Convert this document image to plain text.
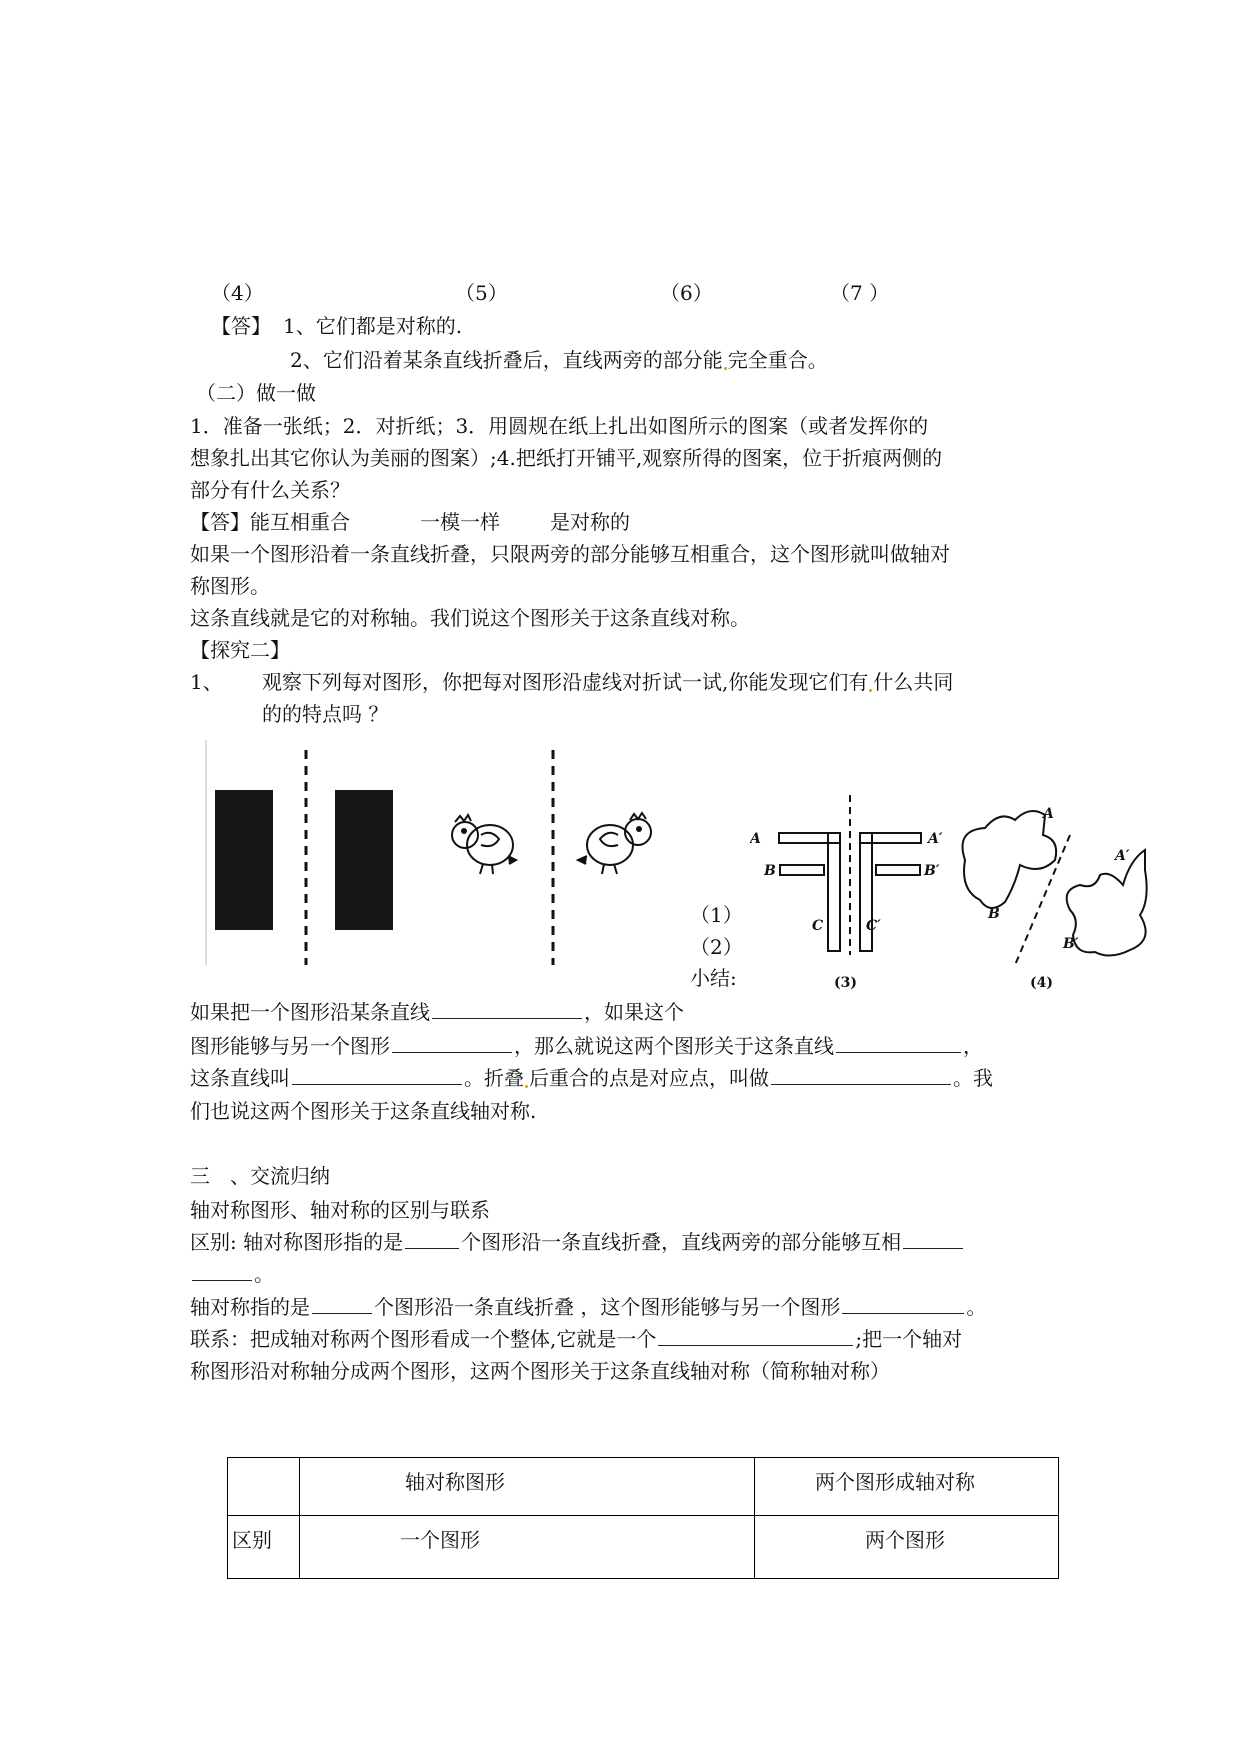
（4）	（5）	（6）	（7 ）
【答】 1、它们都是对称的.
2、它们沿着某条直线折叠后，直线两旁的部分能 完全重合。
（二）做一做
1．准备一张纸；2．对折纸；3．用圆规在纸上扎出如图所示的图案（或者发挥你的
想象扎出其它你认为美丽的图案）;4.把纸打开铺平,观察所得的图案，位于折痕两侧的
部分有什么关系？
【答】能互相重合	一模一样	是对称的
如果一个图形沿着一条直线折叠，只限两旁的部分能够互相重合，这个图形就叫做轴对
称图形。
这条直线就是它的对称轴。我们说这个图形关于这条直线对称。
【探究二】
1、 观察下列每对图形，你把每对图形沿虚线对折试一试,你能发现它们有 什么共同
的的特点吗 ？
（1）
（2）
小结:
A	A′
B	B′
C	C′
(3)
A
A′
B
B′
(4)
如果把一个图形沿某条直线	，如果这个
图形能够与另一个图形	，那么就说这两个图形关于这条直线	，
这条直线叫	。折叠 后重合的点是对应点，叫做	。我
们也说这两个图形关于这条直线轴对称.
三　、交流归纳
轴对称图形、轴对称的区别与联系
区别: 轴对称图形指的是	个图形沿一条直线折叠，直线两旁的部分能够互相
。
轴对称指的是	个图形沿一条直线折叠 ，这个图形能够与另一个图形	。
联系：把成轴对称两个图形看成一个整体,它就是一个	;把一个轴对
称图形沿对称轴分成两个图形，这两个图形关于这条直线轴对称（简称轴对称）
	轴对称图形	两个图形成轴对称
区别	一个图形	两个图形
